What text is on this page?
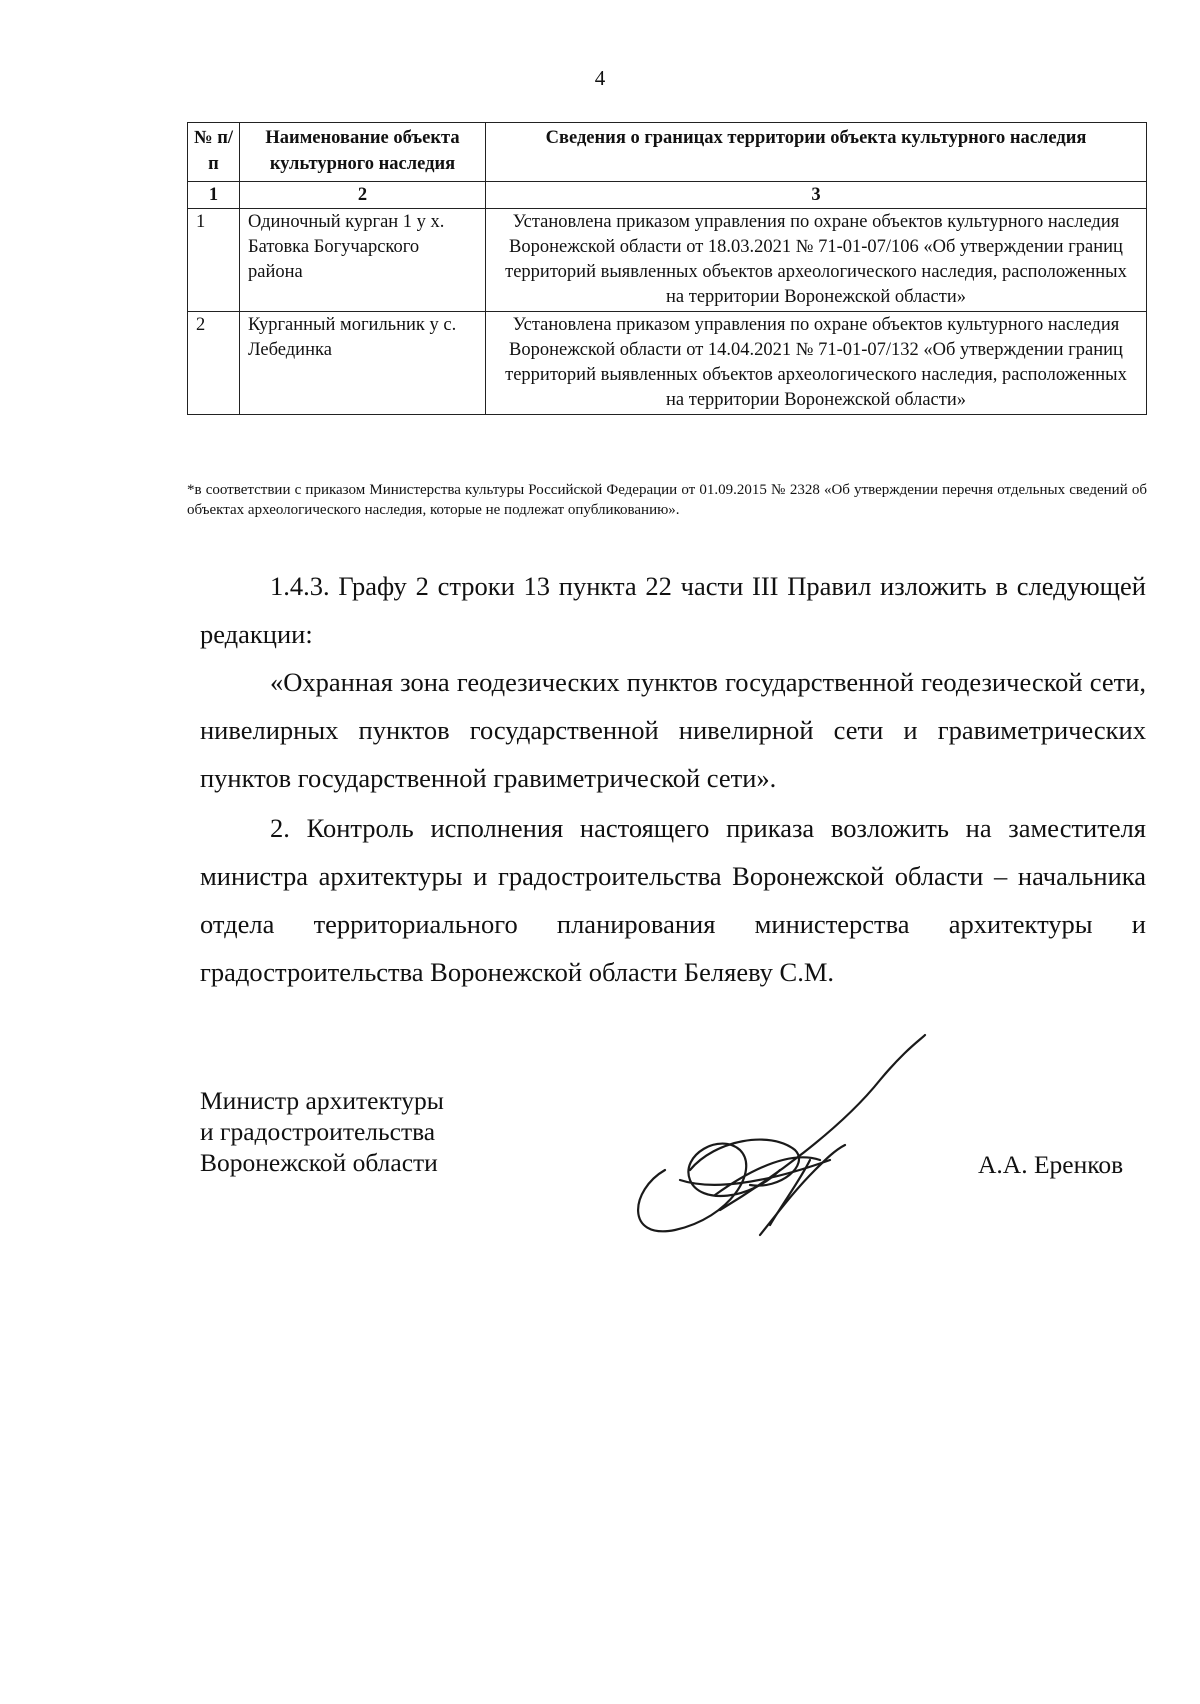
4
№ п/п	Наименование объекта культурного наследия	Сведения о границах территории объекта культурного наследия
1	2	3
1	Одиночный курган 1 у х. Батовка Богучарского района	Установлена приказом управления по охране объектов культурного наследия Воронежской области от 18.03.2021 № 71-01-07/106 «Об утверждении границ территорий выявленных объектов археологического наследия, расположенных на территории Воронежской области»
2	Курганный могильник у с. Лебединка	Установлена приказом управления по охране объектов культурного наследия Воронежской области от 14.04.2021 № 71-01-07/132 «Об утверждении границ территорий выявленных объектов археологического наследия, расположенных на территории Воронежской области»
*в соответствии с приказом Министерства культуры Российской Федерации от 01.09.2015 № 2328 «Об утверждении перечня отдельных сведений об объектах археологического наследия, которые не подлежат опубликованию».
1.4.3. Графу 2 строки 13 пункта 22 части III Правил изложить в следующей редакции:
«Охранная зона геодезических пунктов государственной геодезической сети, нивелирных пунктов государственной нивелирной сети и гравиметрических пунктов государственной гравиметрической сети».
2. Контроль исполнения настоящего приказа возложить на заместителя министра архитектуры и градостроительства Воронежской области – начальника отдела территориального планирования министерства архитектуры и градостроительства Воронежской области Беляеву С.М.
Министр архитектуры
и градостроительства
Воронежской области	А.А. Еренков
